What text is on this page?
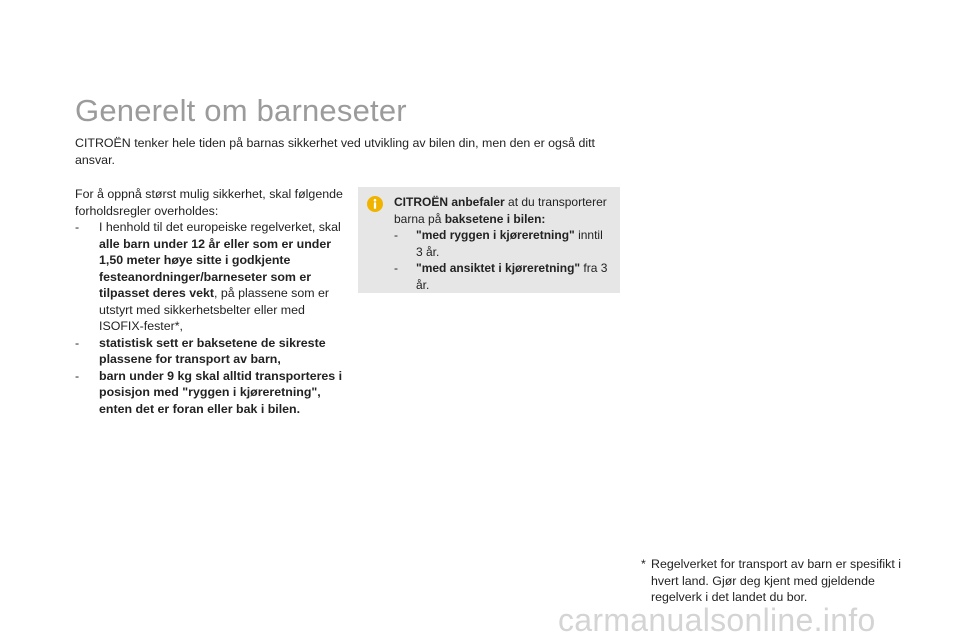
Generelt om barneseter

CITROËN tenker hele tiden på barnas sikkerhet ved utvikling av bilen din, men den er også ditt ansvar.

For å oppnå størst mulig sikkerhet, skal følgende forholdsregler overholdes:

- I henhold til det europeiske regelverket, skal alle barn under 12 år eller som er under 1,50 meter høye sitte i godkjente festeanordninger/barneseter som er tilpasset deres vekt, på plassene som er utstyrt med sikkerhetsbelter eller med ISOFIX-fester*,
- statistisk sett er baksetene de sikreste plassene for transport av barn,
- barn under 9 kg skal alltid transporteres i posisjon med "ryggen i kjøreretning", enten det er foran eller bak i bilen.
CITROËN anbefaler at du transporterer barna på baksetene i bilen:
- "med ryggen i kjøreretning" inntil 3 år.
- "med ansiktet i kjøreretning" fra 3 år.
* Regelverket for transport av barn er spesifikt i hvert land. Gjør deg kjent med gjeldende regelverk i det landet du bor.
carmanualsonline.info
